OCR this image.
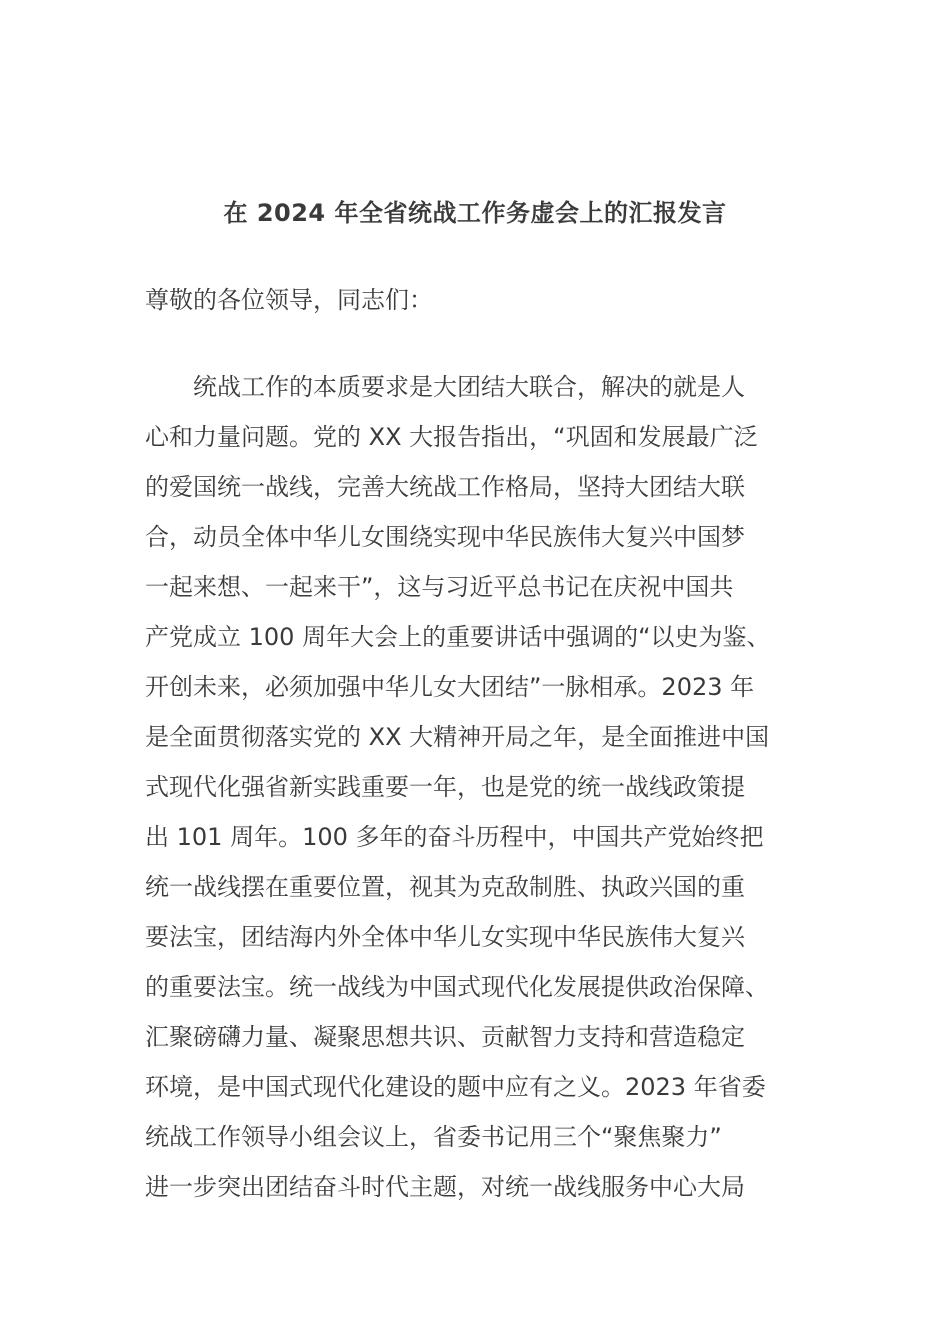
在 2024 年全省统战工作务虚会上的汇报发言
尊敬的各位领导，同志们：
　　统战工作的本质要求是大团结大联合，解决的就是人
心和力量问题。党的 XX 大报告指出，“巩固和发展最广泛
的爱国统一战线，完善大统战工作格局，坚持大团结大联
合，动员全体中华儿女围绕实现中华民族伟大复兴中国梦
一起来想、一起来干”，这与习近平总书记在庆祝中国共
产党成立 100 周年大会上的重要讲话中强调的“以史为鉴、
开创未来，必须加强中华儿女大团结”一脉相承。2023 年
是全面贯彻落实党的 XX 大精神开局之年，是全面推进中国
式现代化强省新实践重要一年，也是党的统一战线政策提
出 101 周年。100 多年的奋斗历程中，中国共产党始终把
统一战线摆在重要位置，视其为克敌制胜、执政兴国的重
要法宝，团结海内外全体中华儿女实现中华民族伟大复兴
的重要法宝。统一战线为中国式现代化发展提供政治保障、
汇聚磅礴力量、凝聚思想共识、贡献智力支持和营造稳定
环境，是中国式现代化建设的题中应有之义。2023 年省委
统战工作领导小组会议上，省委书记用三个“聚焦聚力”
进一步突出团结奋斗时代主题，对统一战线服务中心大局
